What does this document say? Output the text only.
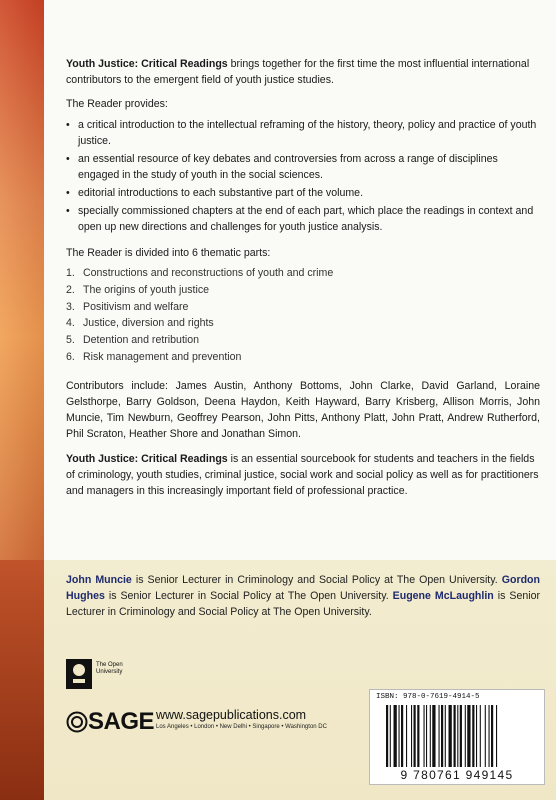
Youth Justice: Critical Readings brings together for the first time the most influential international contributors to the emergent field of youth justice studies.

The Reader provides:

• a critical introduction to the intellectual reframing of the history, theory, policy and practice of youth justice.
• an essential resource of key debates and controversies from across a range of disciplines engaged in the study of youth in the social sciences.
• editorial introductions to each substantive part of the volume.
• specially commissioned chapters at the end of each part, which place the readings in context and open up new directions and challenges for youth justice analysis.

The Reader is divided into 6 thematic parts:

1. Constructions and reconstructions of youth and crime
2. The origins of youth justice
3. Positivism and welfare
4. Justice, diversion and rights
5. Detention and retribution
6. Risk management and prevention

Contributors include: James Austin, Anthony Bottoms, John Clarke, David Garland, Loraine Gelsthorpe, Barry Goldson, Deena Haydon, Keith Hayward, Barry Krisberg, Allison Morris, John Muncie, Tim Newburn, Geoffrey Pearson, John Pitts, Anthony Platt, John Pratt, Andrew Rutherford, Phil Scraton, Heather Shore and Jonathan Simon.

Youth Justice: Critical Readings is an essential sourcebook for students and teachers in the fields of criminology, youth studies, criminal justice, social work and social policy as well as for practitioners and managers in this increasingly important field of professional practice.

John Muncie is Senior Lecturer in Criminology and Social Policy at The Open University. Gordon Hughes is Senior Lecturer in Social Policy at The Open University. Eugene McLaughlin is Senior Lecturer in Criminology and Social Policy at The Open University.
The Open University
SAGE www.sagepublications.com
Los Angeles • London • New Delhi • Singapore • Washington DC
ISBN: 978-0-7619-4914-5
9 780761 949145
